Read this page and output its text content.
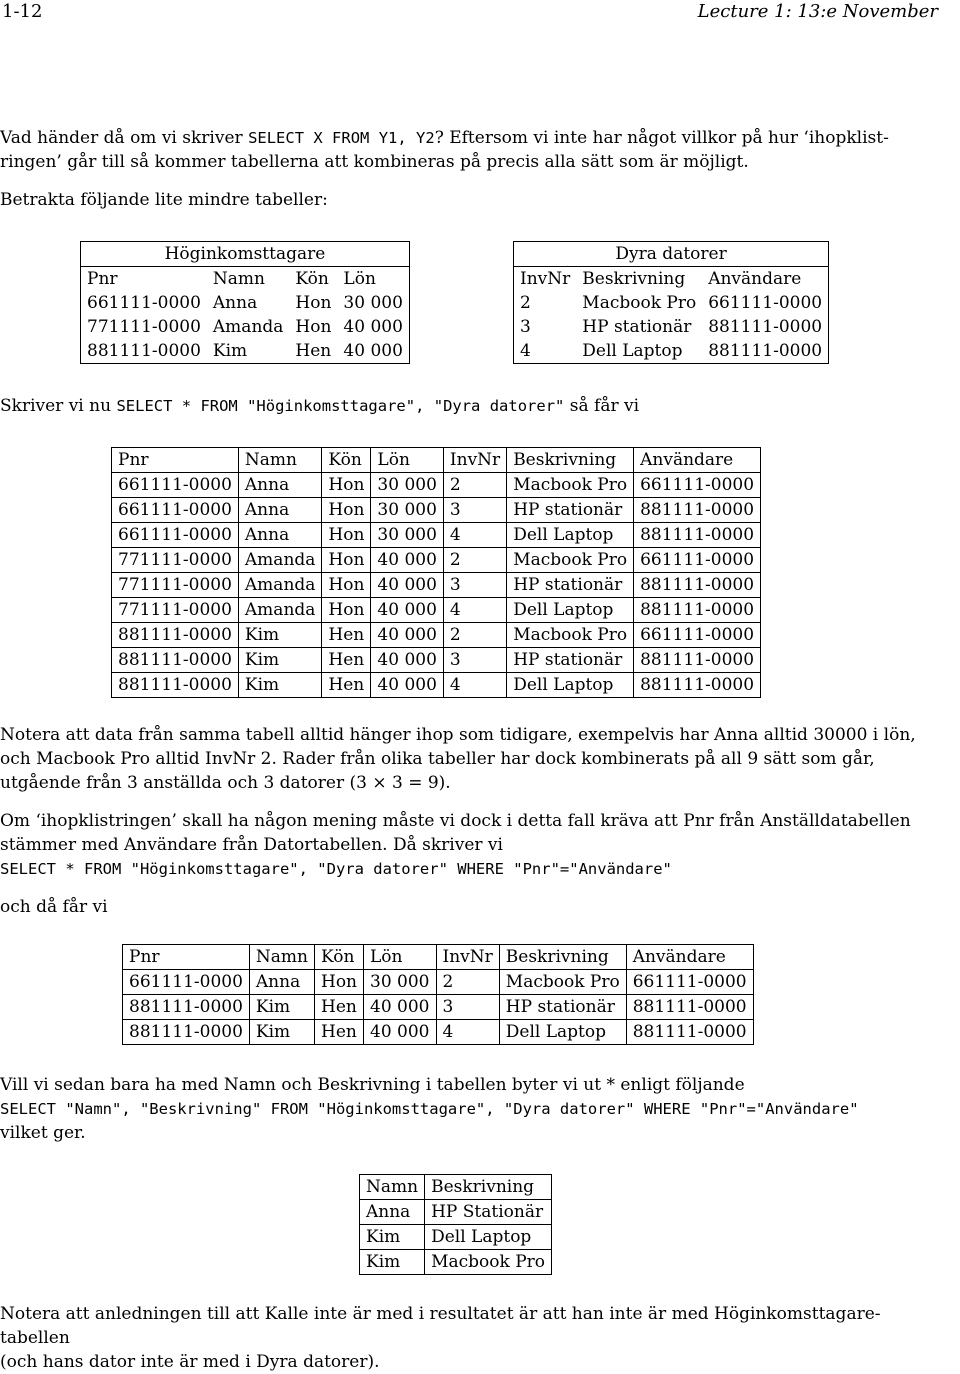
1-12	Lecture 1: 13:e November

Vad händer då om vi skriver SELECT X FROM Y1, Y2? Eftersom vi inte har något villkor på hur ‘ihopklist-

ringen’ går till så kommer tabellerna att kombineras på precis alla sätt som är möjligt.

Betrakta följande lite mindre tabeller:

Höginkomsttagare			
Pnr	Namn	Kön	Lön
661111-0000	Anna	Hon	30 000
771111-0000	Amanda	Hon	40 000
881111-0000	Kim	Hen	40 000
Dyra datorer		
InvNr	Beskrivning	Användare
2	Macbook Pro	661111-0000
3	HP stationär	881111-0000
4	Dell Laptop	881111-0000

Skriver vi nu SELECT * FROM "Höginkomsttagare", "Dyra datorer" så får vi

Pnr	Namn	Kön	Lön	InvNr	Beskrivning	Användare
661111-0000	Anna	Hon	30 000	2	Macbook Pro	661111-0000
661111-0000	Anna	Hon	30 000	3	HP stationär	881111-0000
661111-0000	Anna	Hon	30 000	4	Dell Laptop	881111-0000
771111-0000	Amanda	Hon	40 000	2	Macbook Pro	661111-0000
771111-0000	Amanda	Hon	40 000	3	HP stationär	881111-0000
771111-0000	Amanda	Hon	40 000	4	Dell Laptop	881111-0000
881111-0000	Kim	Hen	40 000	2	Macbook Pro	661111-0000
881111-0000	Kim	Hen	40 000	3	HP stationär	881111-0000
881111-0000	Kim	Hen	40 000	4	Dell Laptop	881111-0000

Notera att data från samma tabell alltid hänger ihop som tidigare, exempelvis har Anna alltid 30000 i lön,

och Macbook Pro alltid InvNr 2. Rader från olika tabeller har dock kombinerats på all 9 sätt som går,

utgående från 3 anställda och 3 datorer (3 × 3 = 9).

Om ‘ihopklistringen’ skall ha någon mening måste vi dock i detta fall kräva att Pnr från Anställdatabellen

stämmer med Användare från Datortabellen. Då skriver vi

SELECT * FROM "Höginkomsttagare", "Dyra datorer" WHERE "Pnr"="Användare"

och då får vi

Pnr	Namn	Kön	Lön	InvNr	Beskrivning	Användare
661111-0000	Anna	Hon	30 000	2	Macbook Pro	661111-0000
881111-0000	Kim	Hen	40 000	3	HP stationär	881111-0000
881111-0000	Kim	Hen	40 000	4	Dell Laptop	881111-0000

Vill vi sedan bara ha med Namn och Beskrivning i tabellen byter vi ut * enligt följande

SELECT "Namn", "Beskrivning" FROM "Höginkomsttagare", "Dyra datorer" WHERE "Pnr"="Användare"

vilket ger.

Namn	Beskrivning
Anna	HP Stationär
Kim	Dell Laptop
Kim	Macbook Pro

Notera att anledningen till att Kalle inte är med i resultatet är att han inte är med Höginkomsttagare-tabellen

(och hans dator inte är med i Dyra datorer).
